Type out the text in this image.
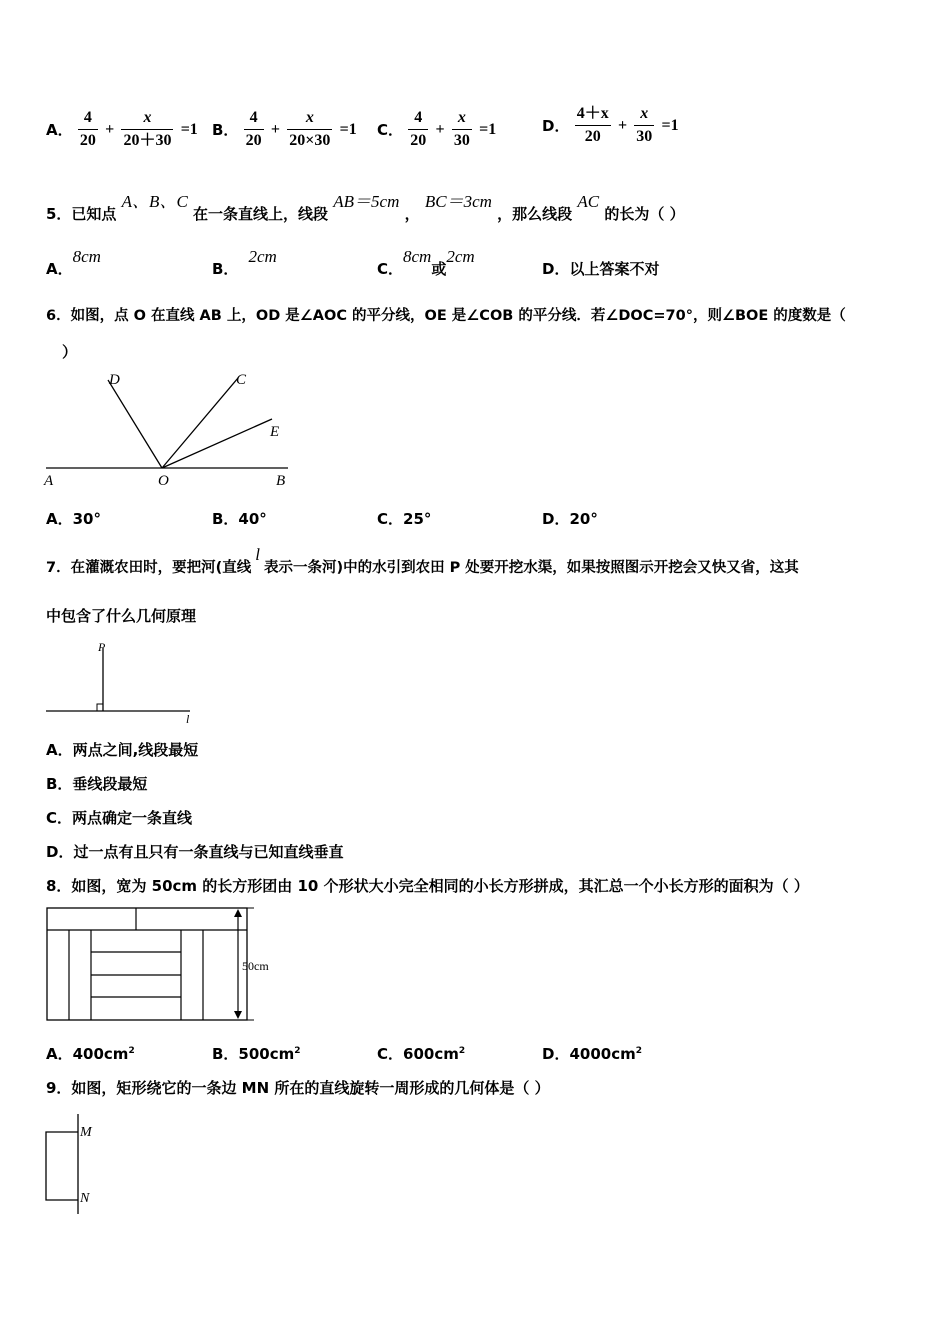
A． $\frac{4}{20} + \frac{x}{20+30} =1$ B． $\frac{4}{20} + \frac{x}{20\times 30} =1$ C． $\frac{4}{20} + \frac{x}{30} =1$	D． $\frac{4+x}{20} + \frac{x}{30} =1$
5．已知点 A、B、C 在一条直线上，线段 AB＝5cm ， BC＝3cm ，那么线段 AC 的长为（ ）
A．8cm
B．2cm
C．8cm或2cm
D．以上答案不对
6．如图，点 O 在直线 AB 上，OD 是∠AOC 的平分线，OE 是∠COB 的平分线．若∠DOC=70°，则∠BOE 的度数是（
）
A	O	B
D	C
E
A．30°	B．40°	C．25°	D．20°
7．在灌溉农田时，要把河(直线l表示一条河)中的水引到农田 P 处要开挖水渠，如果按照图示开挖会又快又省，这其
中包含了什么几何原理
P
l
A．两点之间,线段最短
B．垂线段最短
C．两点确定一条直线
D．过一点有且只有一条直线与已知直线垂直
8．如图，宽为 50cm 的长方形团由 10 个形状大小完全相同的小长方形拼成，其汇总一个小长方形的面积为（ ）
50cm
A．$400cm^2$	B．$500cm^2$	C．$600cm^2$	D．$4000cm^2$
9．如图，矩形绕它的一条边 MN 所在的直线旋转一周形成的几何体是（ ）
M
N
